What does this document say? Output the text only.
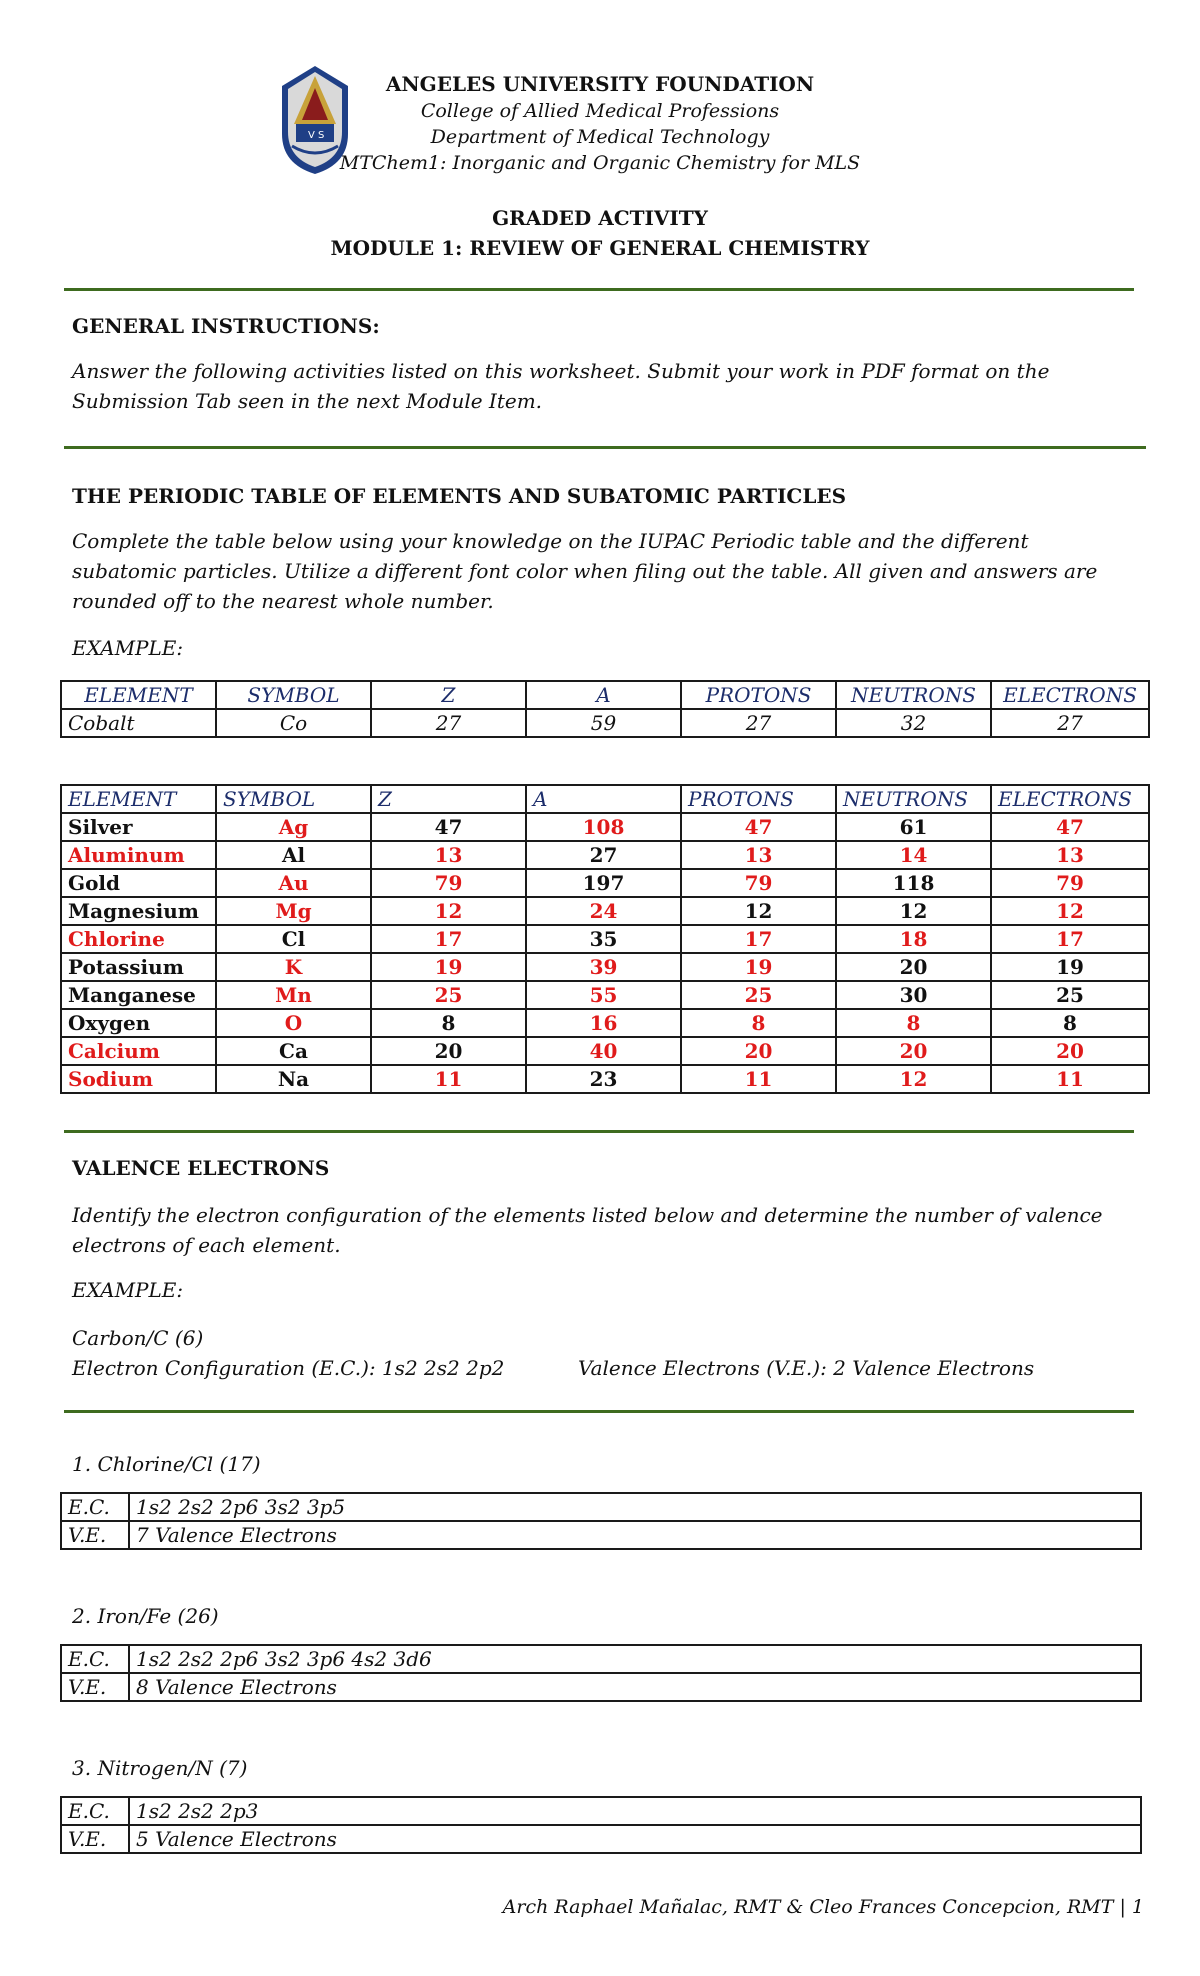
V S
ANGELES UNIVERSITY FOUNDATION
College of Allied Medical Professions
Department of Medical Technology
MTChem1: Inorganic and Organic Chemistry for MLS
GRADED ACTIVITY
MODULE 1: REVIEW OF GENERAL CHEMISTRY
GENERAL INSTRUCTIONS:
Answer the following activities listed on this worksheet. Submit your work in PDF format on the Submission Tab seen in the next Module Item.
THE PERIODIC TABLE OF ELEMENTS AND SUBATOMIC PARTICLES
Complete the table below using your knowledge on the IUPAC Periodic table and the different subatomic particles. Utilize a different font color when filing out the table. All given and answers are rounded off to the nearest whole number.
EXAMPLE:
ELEMENT	SYMBOL	Z	A	PROTONS	NEUTRONS	ELECTRONS
Cobalt	Co	27	59	27	32	27
ELEMENT	SYMBOL	Z	A	PROTONS	NEUTRONS	ELECTRONS
Silver	Ag	47	108	47	61	47
Aluminum	Al	13	27	13	14	13
Gold	Au	79	197	79	118	79
Magnesium	Mg	12	24	12	12	12
Chlorine	Cl	17	35	17	18	17
Potassium	K	19	39	19	20	19
Manganese	Mn	25	55	25	30	25
Oxygen	O	8	16	8	8	8
Calcium	Ca	20	40	20	20	20
Sodium	Na	11	23	11	12	11
VALENCE ELECTRONS
Identify the electron configuration of the elements listed below and determine the number of valence electrons of each element.
EXAMPLE:
Carbon/C (6)
Electron Configuration (E.C.): 1s2 2s2 2p2	Valence Electrons (V.E.): 2 Valence Electrons
1. Chlorine/Cl (17)
E.C.	1s2 2s2 2p6 3s2 3p5
V.E.	7 Valence Electrons
2. Iron/Fe (26)
E.C.	1s2 2s2 2p6 3s2 3p6 4s2 3d6
V.E.	8 Valence Electrons
3. Nitrogen/N (7)
E.C.	1s2 2s2 2p3
V.E.	5 Valence Electrons
Arch Raphael Mañalac, RMT & Cleo Frances Concepcion, RMT | 1
